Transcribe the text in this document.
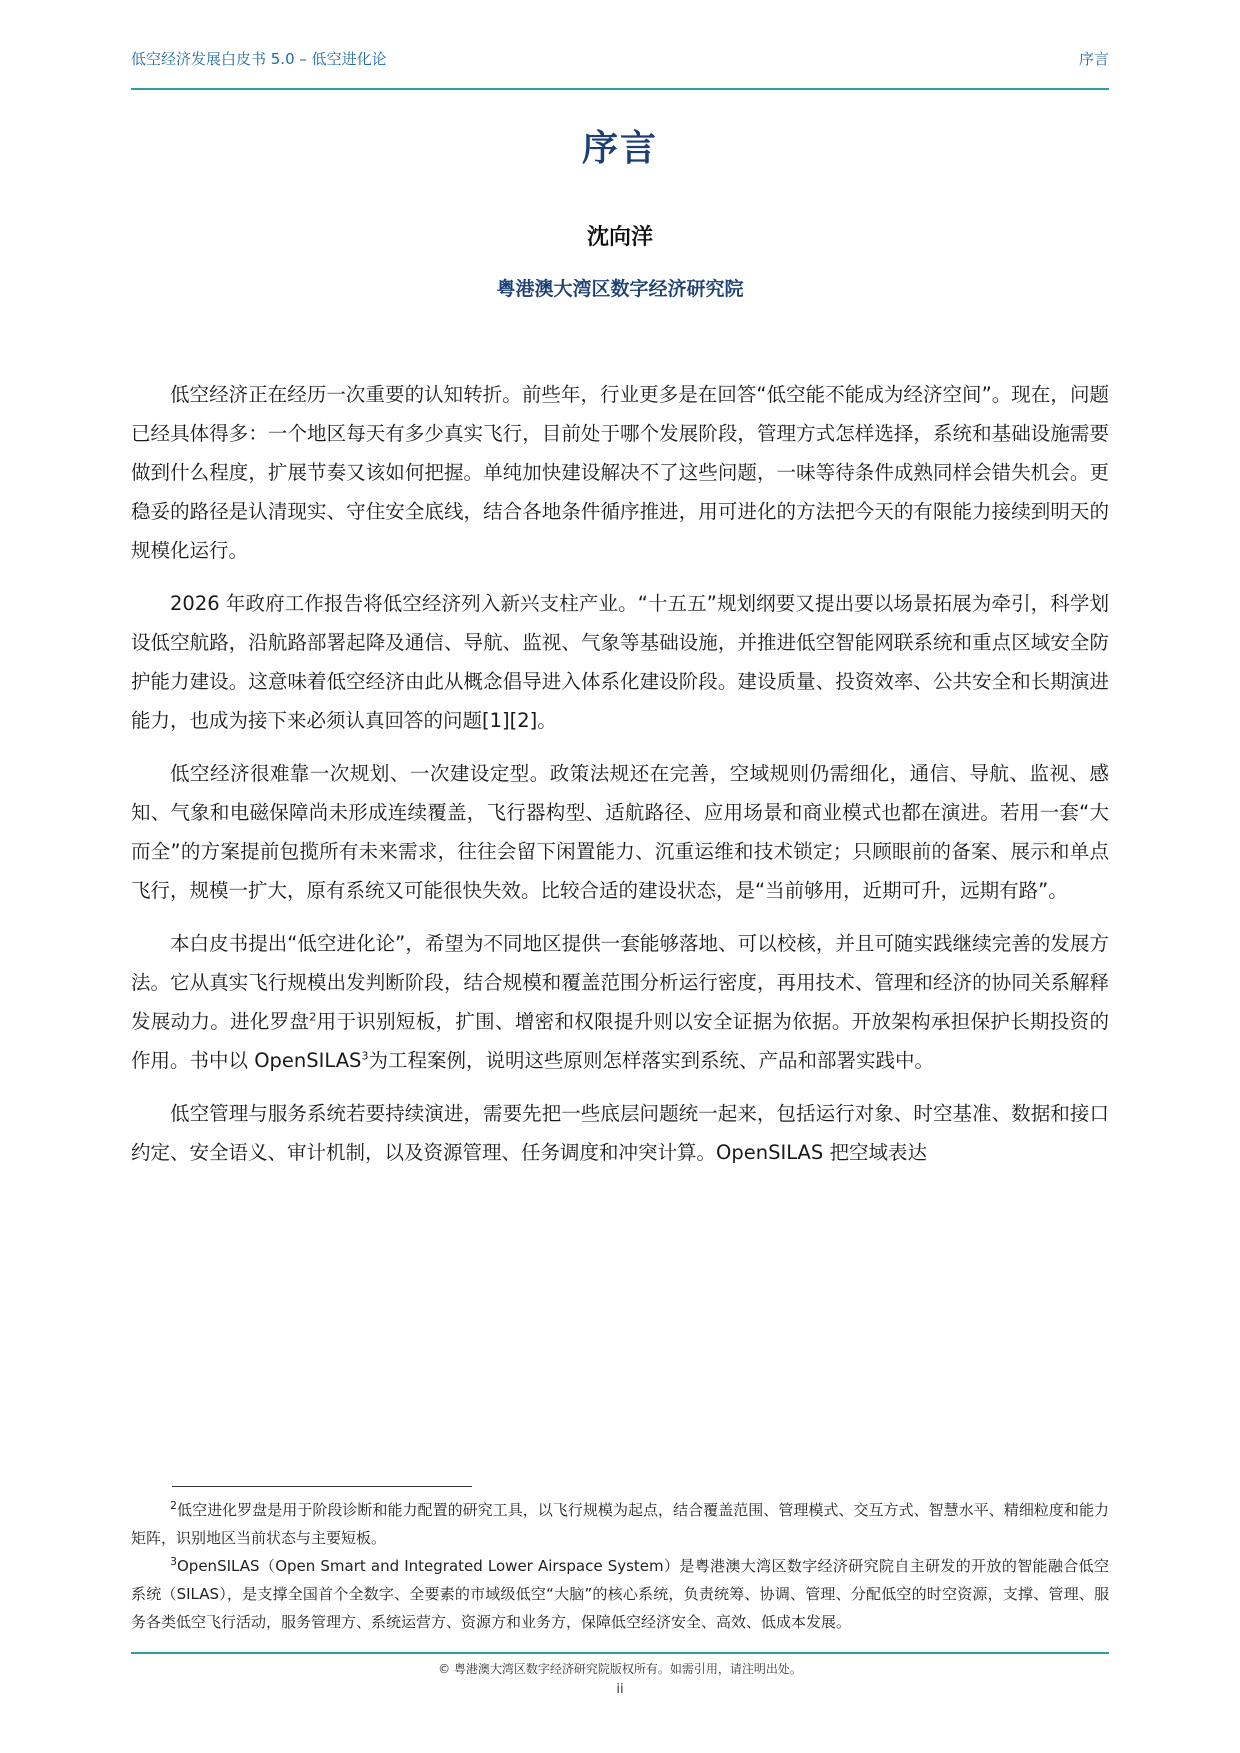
低空经济发展白皮书 5.0 – 低空进化论	序言
序言
沈向洋
粤港澳大湾区数字经济研究院

低空经济正在经历一次重要的认知转折。前些年，行业更多是在回答“低空能不能成为经济空间”。现在，问题已经具体得多：一个地区每天有多少真实飞行，目前处于哪个发展阶段，管理方式怎样选择，系统和基础设施需要做到什么程度，扩展节奏又该如何把握。单纯加快建设解决不了这些问题，一味等待条件成熟同样会错失机会。更稳妥的路径是认清现实、守住安全底线，结合各地条件循序推进，用可进化的方法把今天的有限能力接续到明天的规模化运行。

2026 年政府工作报告将低空经济列入新兴支柱产业。“十五五”规划纲要又提出要以场景拓展为牵引，科学划设低空航路，沿航路部署起降及通信、导航、监视、气象等基础设施，并推进低空智能网联系统和重点区域安全防护能力建设。这意味着低空经济由此从概念倡导进入体系化建设阶段。建设质量、投资效率、公共安全和长期演进能力，也成为接下来必须认真回答的问题[1][2]。

低空经济很难靠一次规划、一次建设定型。政策法规还在完善，空域规则仍需细化，通信、导航、监视、感知、气象和电磁保障尚未形成连续覆盖，飞行器构型、适航路径、应用场景和商业模式也都在演进。若用一套“大而全”的方案提前包揽所有未来需求，往往会留下闲置能力、沉重运维和技术锁定；只顾眼前的备案、展示和单点飞行，规模一扩大，原有系统又可能很快失效。比较合适的建设状态，是“当前够用，近期可升，远期有路”。

本白皮书提出“低空进化论”，希望为不同地区提供一套能够落地、可以校核，并且可随实践继续完善的发展方法。它从真实飞行规模出发判断阶段，结合规模和覆盖范围分析运行密度，再用技术、管理和经济的协同关系解释发展动力。进化罗盘$^2$用于识别短板，扩围、增密和权限提升则以安全证据为依据。开放架构承担保护长期投资的作用。书中以 OpenSILAS$^3$为工程案例，说明这些原则怎样落实到系统、产品和部署实践中。

低空管理与服务系统若要持续演进，需要先把一些底层问题统一起来，包括运行对象、时空基准、数据和接口约定、安全语义、审计机制，以及资源管理、任务调度和冲突计算。OpenSILAS 把空域表达

$^2$低空进化罗盘是用于阶段诊断和能力配置的研究工具，以飞行规模为起点，结合覆盖范围、管理模式、交互方式、智慧水平、精细粒度和能力矩阵，识别地区当前状态与主要短板。

$^3$OpenSILAS（Open Smart and Integrated Lower Airspace System）是粤港澳大湾区数字经济研究院自主研发的开放的智能融合低空系统（SILAS），是支撑全国首个全数字、全要素的市域级低空“大脑”的核心系统，负责统筹、协调、管理、分配低空的时空资源，支撑、管理、服务各类低空飞行活动，服务管理方、系统运营方、资源方和业务方，保障低空经济安全、高效、低成本发展。

© 粤港澳大湾区数字经济研究院版权所有。如需引用，请注明出处。
ii
